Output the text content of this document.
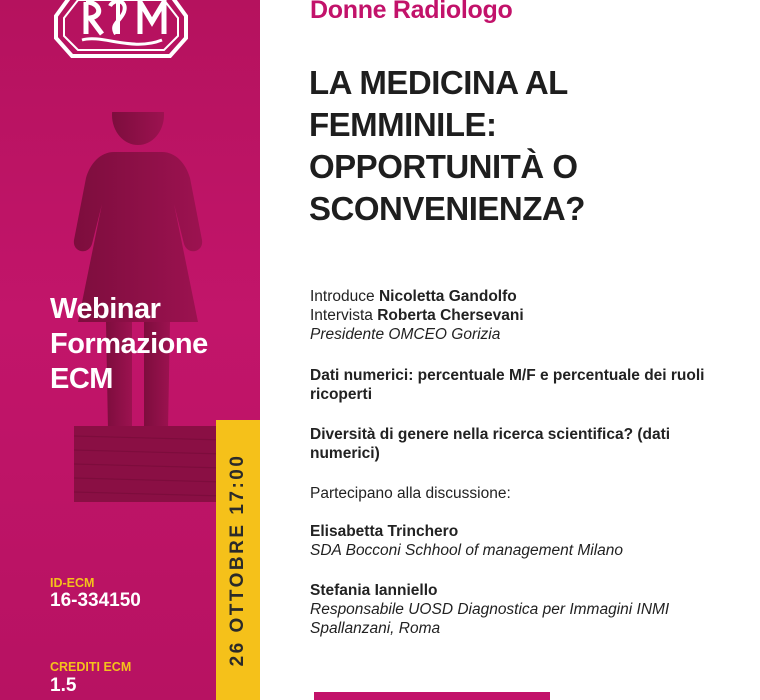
Webinar
Formazione
ECM
ID-ECM
16-334150
CREDITI ECM
1.5
26 OTTOBRE 17:00
Donne Radiologo
LA MEDICINA AL FEMMINILE: OPPORTUNITÀ O SCONVENIENZA?
Introduce Nicoletta Gandolfo
Intervista Roberta Chersevani
Presidente OMCEO Gorizia
Dati numerici: percentuale M/F e percentuale dei ruoli ricoperti
Diversità di genere nella ricerca scientifica? (dati numerici)
Partecipano alla discussione:
Elisabetta Trinchero
SDA Bocconi Schhool of management Milano
Stefania Ianniello
Responsabile UOSD Diagnostica per Immagini INMI Spallanzani, Roma
